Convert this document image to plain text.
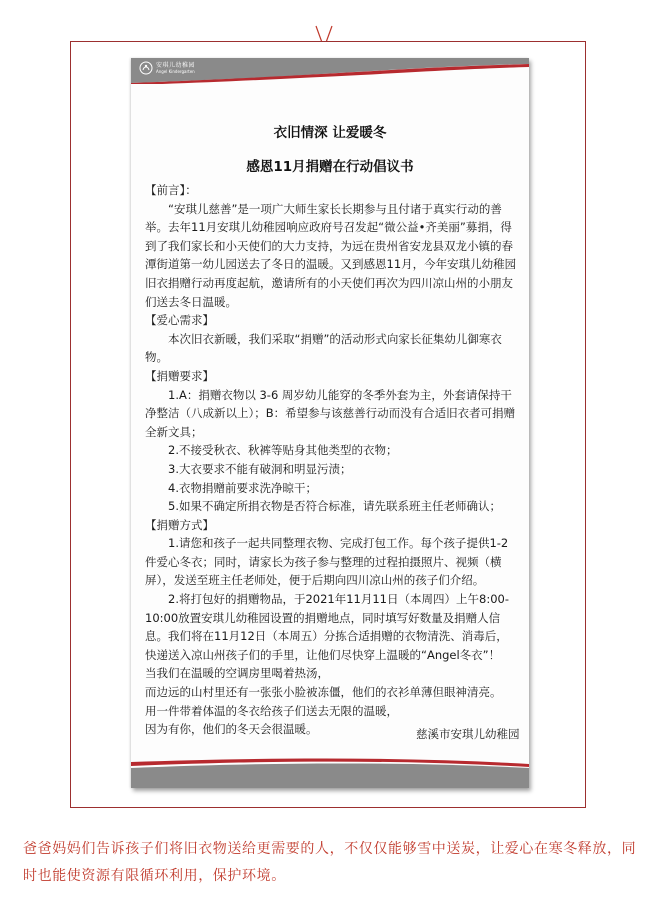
安琪儿幼稚园
Angel Kindergarten
衣旧情深 让爱暖冬
感恩11月捐赠在行动倡议书

【前言】：

“安琪儿慈善”是一项广大师生家长长期参与且付诸于真实行动的善举。去年11月安琪儿幼稚园响应政府号召发起“微公益•齐美丽”募捐，得到了我们家长和小天使们的大力支持，为远在贵州省安龙县双龙小镇的春潭街道第一幼儿园送去了冬日的温暖。又到感恩11月，今年安琪儿幼稚园旧衣捐赠行动再度起航，邀请所有的小天使们再次为四川凉山州的小朋友们送去冬日温暖。

【爱心需求】

本次旧衣新暖，我们采取“捐赠”的活动形式向家长征集幼儿御寒衣物。

【捐赠要求】

1.A：捐赠衣物以 3-6 周岁幼儿能穿的冬季外套为主，外套请保持干净整洁（八成新以上）；B：希望参与该慈善行动而没有合适旧衣者可捐赠全新文具；

2.不接受秋衣、秋裤等贴身其他类型的衣物；

3.大衣要求不能有破洞和明显污渍；

4.衣物捐赠前要求洗净晾干；

5.如果不确定所捐衣物是否符合标准，请先联系班主任老师确认；

【捐赠方式】

1.请您和孩子一起共同整理衣物、完成打包工作。每个孩子提供1-2件爱心冬衣；同时，请家长为孩子参与整理的过程拍摄照片、视频（横屏），发送至班主任老师处，便于后期向四川凉山州的孩子们介绍。

2.将打包好的捐赠物品，于2021年11月11日（本周四）上午8:00-10:00放置安琪儿幼稚园设置的捐赠地点，同时填写好数量及捐赠人信息。我们将在11月12日（本周五）分拣合适捐赠的衣物清洗、消毒后，快递送入凉山州孩子们的手里，让他们尽快穿上温暖的“Angel冬衣”！

当我们在温暖的空调房里喝着热汤，

而边远的山村里还有一张张小脸被冻僵，他们的衣衫单薄但眼神清亮。

用一件带着体温的冬衣给孩子们送去无限的温暖，

因为有你，他们的冬天会很温暖。	慈溪市安琪儿幼稚园
爸爸妈妈们告诉孩子们将旧衣物送给更需要的人，不仅仅能够雪中送炭，让爱心在寒冬释放，同时也能使资源有限循环利用，保护环境。
